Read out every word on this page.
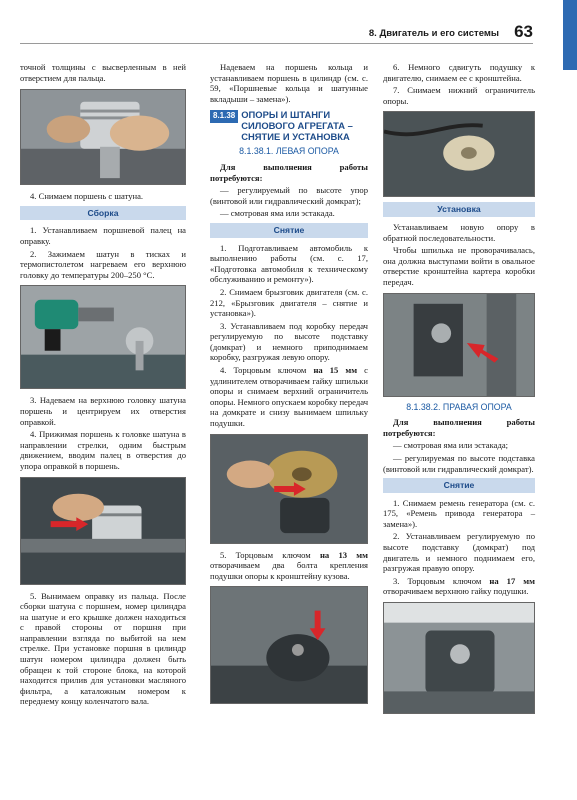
8. Двигатель и его системы 63
точной толщины с высверленным в ней отверстием для пальца.
4. Снимаем поршень с шатуна.
Сборка
1. Устанавливаем поршневой палец на оправку.
2. Зажимаем шатун в тисках и термопистолетом нагреваем его верхнюю головку до температуры 200–250 °С.
3. Надеваем на верхнюю головку шатуна поршень и центрируем их отверстия оправкой.
4. Прижимая поршень к головке шатуна в направлении стрелки, одним быстрым движением, вводим палец в отверстия до упора оправкой в поршень.
5. Вынимаем оправку из пальца. После сборки шатуна с поршнем, номер цилиндра на шатуне и его крышке должен находиться с правой стороны от поршня при направлении взгляда по выбитой на нем стрелке. При установке поршня в цилиндр шатун номером цилиндра должен быть обращен к той стороне блока, на которой находится прилив для установки масляного фильтра, а каталожным номером к переднему концу коленчатого вала.
Надеваем на поршень кольца и устанавливаем поршень в цилиндр (см. с. 59, «Поршневые кольца и шатунные вкладыши – замена»).
8.1.38 ОПОРЫ И ШТАНГИ СИЛОВОГО АГРЕГАТА – СНЯТИЕ И УСТАНОВКА
8.1.38.1. ЛЕВАЯ ОПОРА
Для выполнения работы потребуются:
— регулируемый по высоте упор (винтовой или гидравлический домкрат);
— смотровая яма или эстакада.
Снятие
1. Подготавливаем автомобиль к выполнению работы (см. с. 17, «Подготовка автомобиля к техническому обслуживанию и ремонту»).
2. Снимаем брызговик двигателя (см. с. 212, «Брызговик двигателя – снятие и установка»).
3. Устанавливаем под коробку передач регулируемую по высоте подставку (домкрат) и немного приподнимаем коробку, разгружая левую опору.
4. Торцовым ключом на 15 мм с удлинителем отворачиваем гайку шпильки опоры и снимаем верхний ограничитель опоры. Немного опускаем коробку передач на домкрате и снизу вынимаем шпильку подушки.
5. Торцовым ключом на 13 мм отворачиваем два болта крепления подушки опоры к кронштейну кузова.
6. Немного сдвигуть подушку к двигателю, снимаем ее с кронштейна.
7. Снимаем нижний ограничитель опоры.
Установка
Устанавливаем новую опору в обратной последовательности.
Чтобы шпилька не проворачивалась, она должна выступами войти в овальное отверстие кронштейна картера коробки передач.
8.1.38.2. ПРАВАЯ ОПОРА
Для выполнения работы потребуются:
— смотровая яма или эстакада;
— регулируемая по высоте подставка (винтовой или гидравлический домкрат).
Снятие
1. Снимаем ремень генератора (см. с. 175, «Ремень привода генератора – замена»).
2. Устанавливаем регулируемую по высоте подставку (домкрат) под двигатель и немного поднимаем его, разгружая правую опору.
3. Торцовым ключом на 17 мм отворачиваем верхнюю гайку подушки.
